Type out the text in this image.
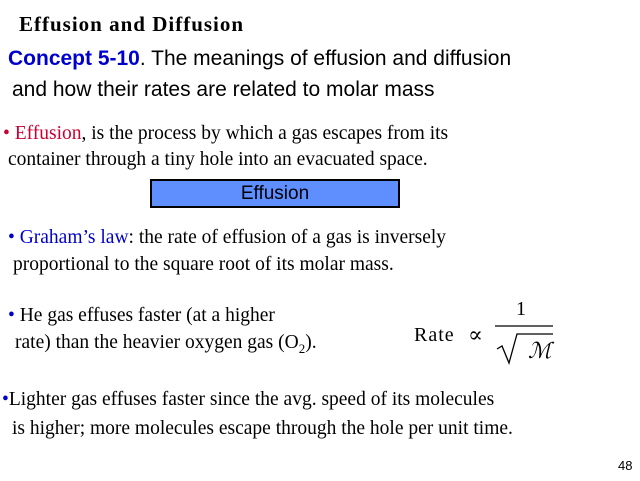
Effusion and Diffusion
Concept 5-10. The meanings of effusion and diffusion
and how their rates are related to molar mass
• Effusion, is the process by which a gas escapes from its
container through a tiny hole into an evacuated space.
Effusion
• Graham’s law: the rate of effusion of a gas is inversely
proportional to the square root of its molar mass.
• He gas effuses faster (at a higher
rate) than the heavier oxygen gas $(O_2)$.	Rate ∝
1
ℳ
•Lighter gas effuses faster since the avg. speed of its molecules
is higher; more molecules escape through the hole per unit time.
48
